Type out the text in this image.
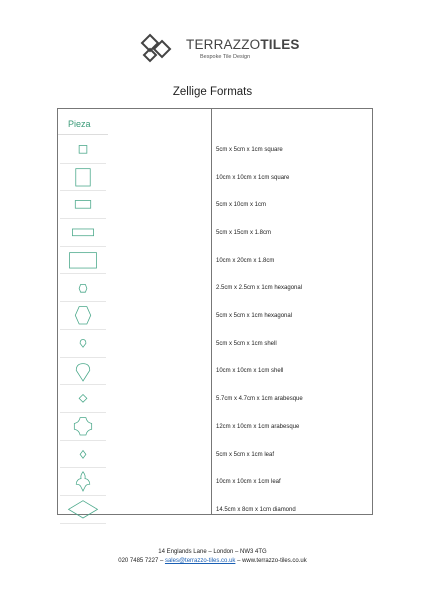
TERRAZZOTILES
Bespoke Tile Design
Zellige Formats
Pieza
5cm x 5cm x 1cm square
10cm x 10cm x 1cm square
5cm x 10cm x 1cm
5cm x 15cm x 1.8cm
10cm x 20cm x 1.8cm
2.5cm x 2.5cm x 1cm hexagonal
5cm x 5cm x 1cm hexagonal
5cm x 5cm x 1cm shell
10cm x 10cm x 1cm shell
5.7cm x 4.7cm x 1cm arabesque
12cm x 10cm x 1cm arabesque
5cm x 5cm x 1cm leaf
10cm x 10cm x 1cm leaf
14.5cm x 8cm x 1cm diamond
14 Englands Lane – London – NW3 4TG
020 7485 7227 – sales@terrazzo-tiles.co.uk – www.terrazzo-tiles.co.uk
